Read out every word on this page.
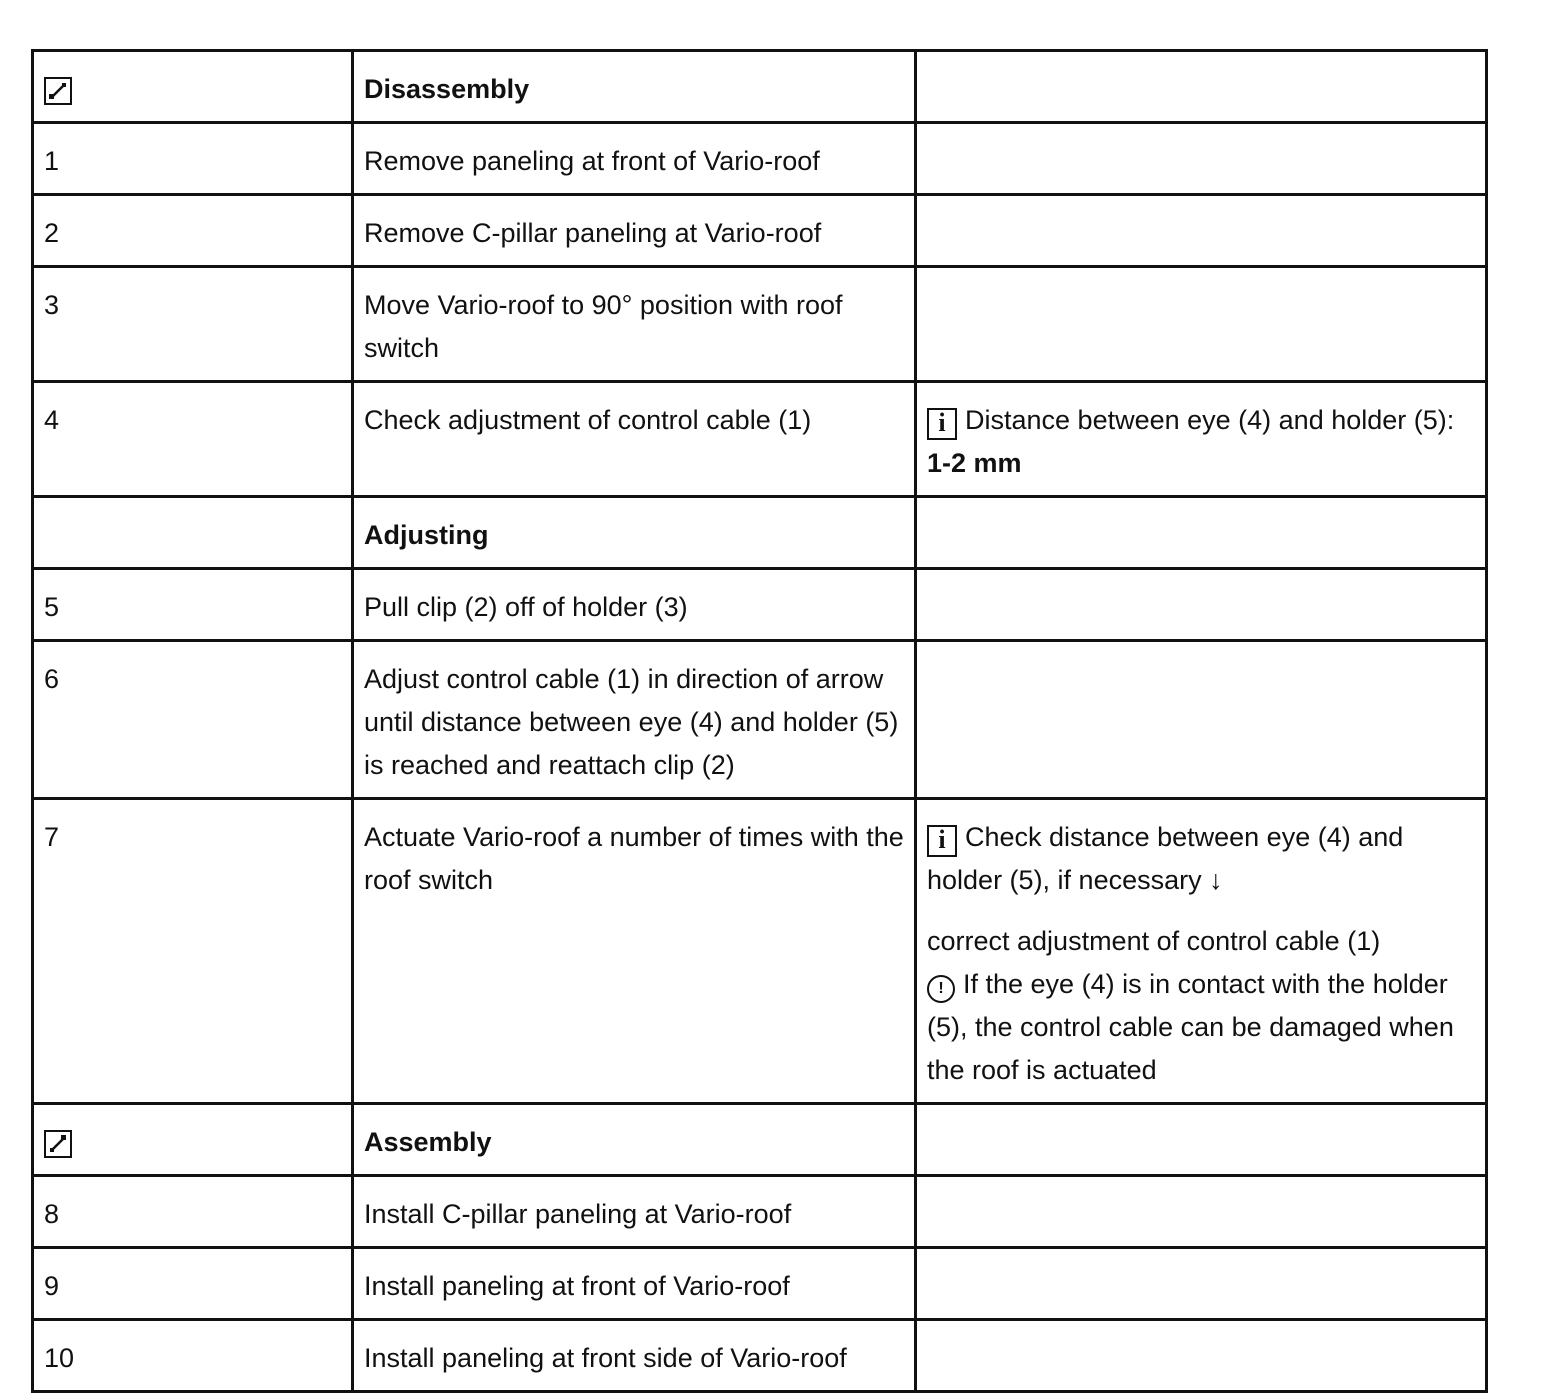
	Disassembly	
1	Remove paneling at front of Vario-roof	
2	Remove C-pillar paneling at Vario-roof	
3	Move Vario-roof to 90° position with roof switch	
4	Check adjustment of control cable (1)	i Distance between eye (4) and holder (5): 1-2 mm
	Adjusting	
5	Pull clip (2) off of holder (3)	
6	Adjust control cable (1) in direction of arrow until distance between eye (4) and holder (5) is reached and reattach clip (2)	
7	Actuate Vario-roof a number of times with the roof switch	i Check distance between eye (4) and holder (5), if necessary ↓
correct adjustment of control cable (1)
! If the eye (4) is in contact with the holder (5), the control cable can be damaged when the roof is actuated

	Assembly	
8	Install C-pillar paneling at Vario-roof	
9	Install paneling at front of Vario-roof	
10	Install paneling at front side of Vario-roof	
